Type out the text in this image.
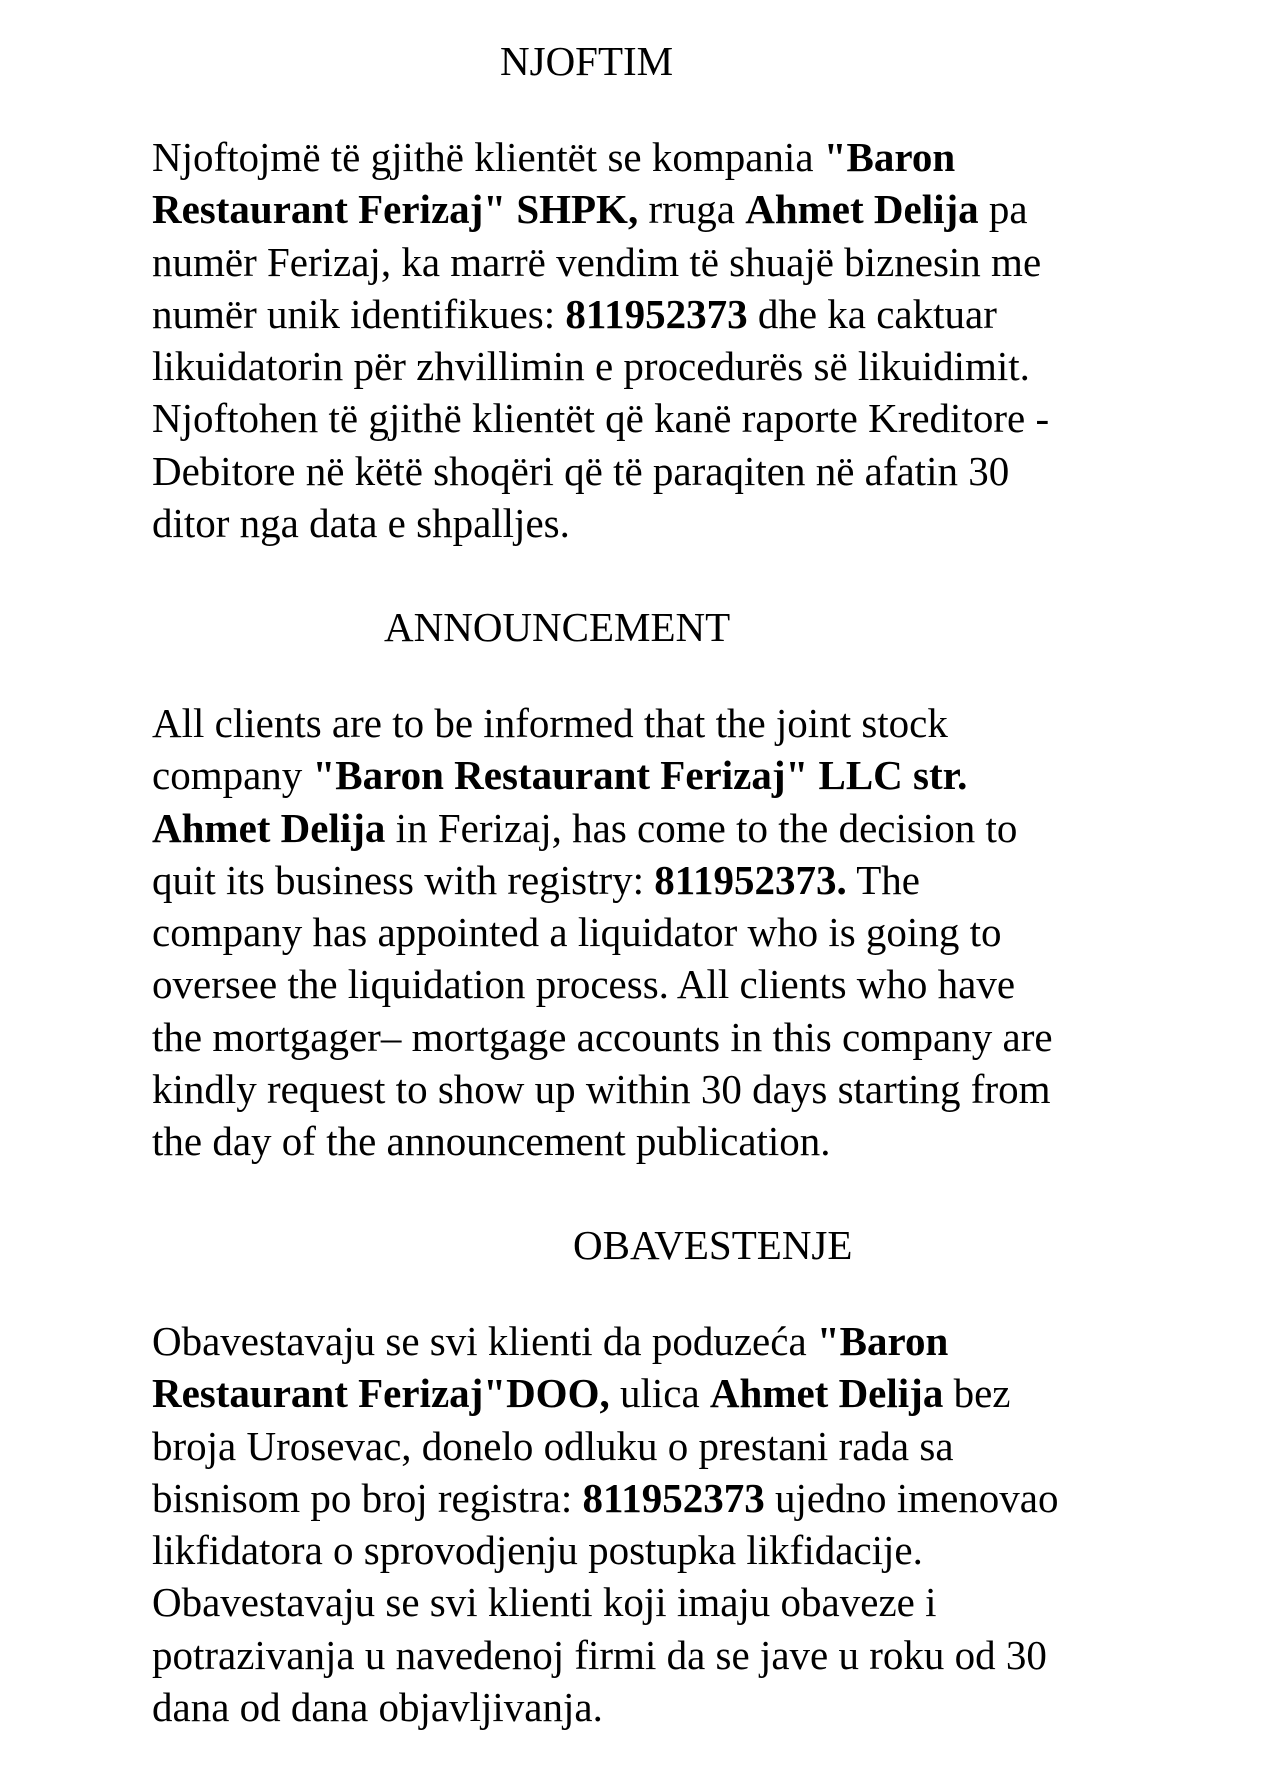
NJOFTIM
Njoftojmë të gjithë klientët se kompania "Baron
Restaurant Ferizaj" SHPK, rruga Ahmet Delija pa
numër Ferizaj, ka marrë vendim të shuajë biznesin me
numër unik identifikues: 811952373 dhe ka caktuar
likuidatorin për zhvillimin e procedurës së likuidimit.
Njoftohen të gjithë klientët që kanë raporte Kreditore -
Debitore në këtë shoqëri që të paraqiten në afatin 30
ditor nga data e shpalljes.
ANNOUNCEMENT
All clients are to be informed that the joint stock
company "Baron Restaurant Ferizaj" LLC str.
Ahmet Delija in Ferizaj, has come to the decision to
quit its business with registry: 811952373. The
company has appointed a liquidator who is going to
oversee the liquidation process. All clients who have
the mortgager– mortgage accounts in this company are
kindly request to show up within 30 days starting from
the day of the announcement publication.
OBAVESTENJE
Obavestavaju se svi klienti da poduzeća "Baron
Restaurant Ferizaj"DOO, ulica Ahmet Delija bez
broja Urosevac, donelo odluku o prestani rada sa
bisnisom po broj registra: 811952373 ujedno imenovao
likfidatora o sprovodjenju postupka likfidacije.
Obavestavaju se svi klienti koji imaju obaveze i
potrazivanja u navedenoj firmi da se jave u roku od 30
dana od dana objavljivanja.
